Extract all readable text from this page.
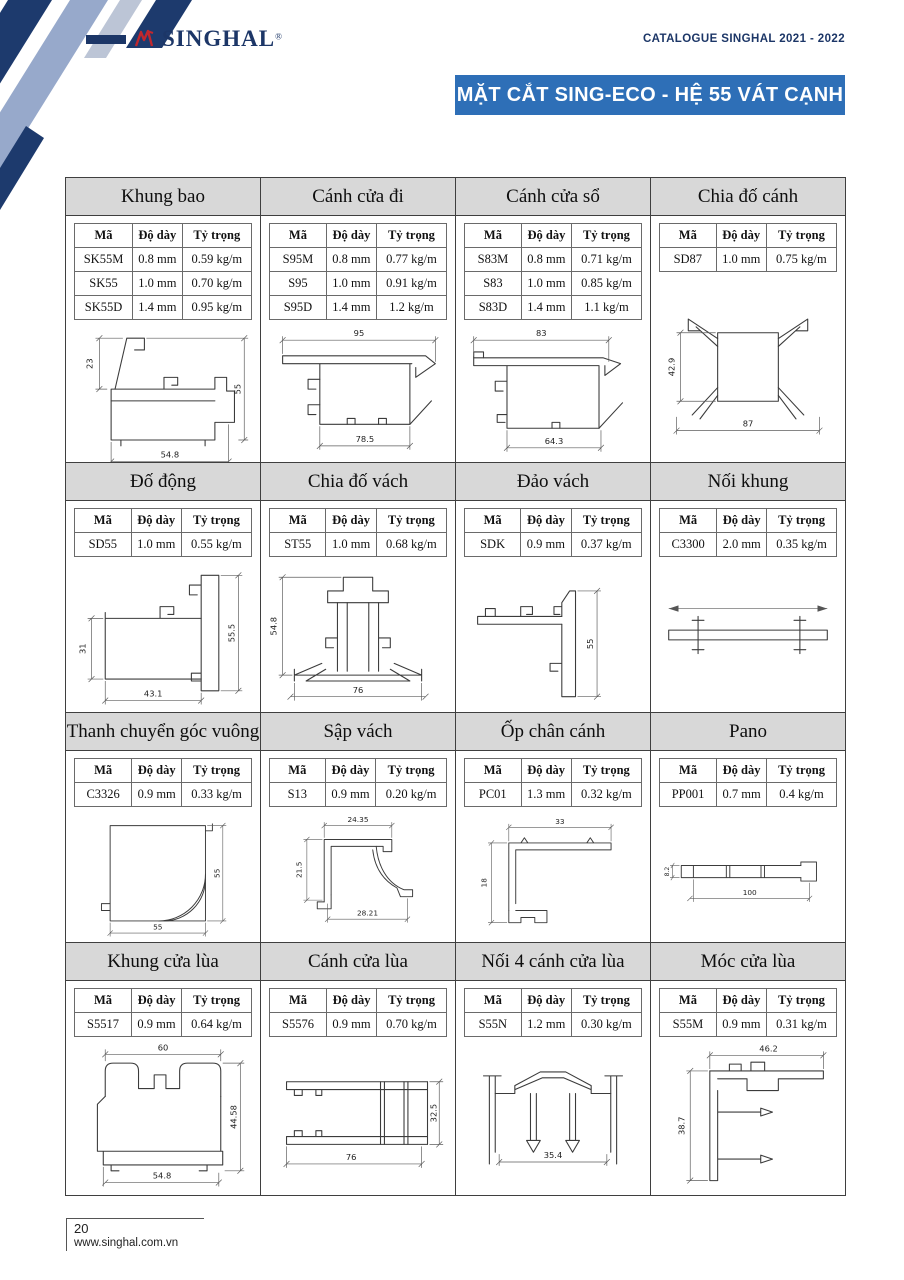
SINGHAL®	CATALOGUE SINGHAL 2021 - 2022
MẶT CẮT SING-ECO - HỆ 55 VÁT CẠNH
Khung bao
Mã	Độ dày	Tỷ trọng
SK55M	0.8 mm	0.59 kg/m
SK55	1.0 mm	0.70 kg/m
SK55D	1.4 mm	0.95 kg/m
23
55
54.8
Cánh cửa đi
Mã	Độ dày	Tỷ trọng
S95M	0.8 mm	0.77 kg/m
S95	1.0 mm	0.91 kg/m
S95D	1.4 mm	1.2 kg/m
95
78.5
Cánh cửa sổ
Mã	Độ dày	Tỷ trọng
S83M	0.8 mm	0.71 kg/m
S83	1.0 mm	0.85 kg/m
S83D	1.4 mm	1.1 kg/m
83
64.3
Chia đố cánh
Mã	Độ dày	Tỷ trọng
SD87	1.0 mm	0.75 kg/m
42.9
87
Đố động
Mã	Độ dày	Tỷ trọng
SD55	1.0 mm	0.55 kg/m
31
55.5
43.1
Chia đố vách
Mã	Độ dày	Tỷ trọng
ST55	1.0 mm	0.68 kg/m
54.8
76
Đảo vách
Mã	Độ dày	Tỷ trọng
SDK	0.9 mm	0.37 kg/m
55
Nối khung
Mã	Độ dày	Tỷ trọng
C3300	2.0 mm	0.35 kg/m
Thanh chuyển góc vuông
Mã	Độ dày	Tỷ trọng
C3326	0.9 mm	0.33 kg/m
55
55
Sập vách
Mã	Độ dày	Tỷ trọng
S13	0.9 mm	0.20 kg/m
24.35
21.5
28.21
Ốp chân cánh
Mã	Độ dày	Tỷ trọng
PC01	1.3 mm	0.32 kg/m
33
18
Pano
Mã	Độ dày	Tỷ trọng
PP001	0.7 mm	0.4 kg/m
8.2
100
Khung cửa lùa
Mã	Độ dày	Tỷ trọng
S5517	0.9 mm	0.64 kg/m
60
44.58
54.8
Cánh cửa lùa
Mã	Độ dày	Tỷ trọng
S5576	0.9 mm	0.70 kg/m
76
32.5
Nối 4 cánh cửa lùa
Mã	Độ dày	Tỷ trọng
S55N	1.2 mm	0.30 kg/m
35.4
Móc cửa lùa
Mã	Độ dày	Tỷ trọng
S55M	0.9 mm	0.31 kg/m
46.2
38.7
20
www.singhal.com.vn
